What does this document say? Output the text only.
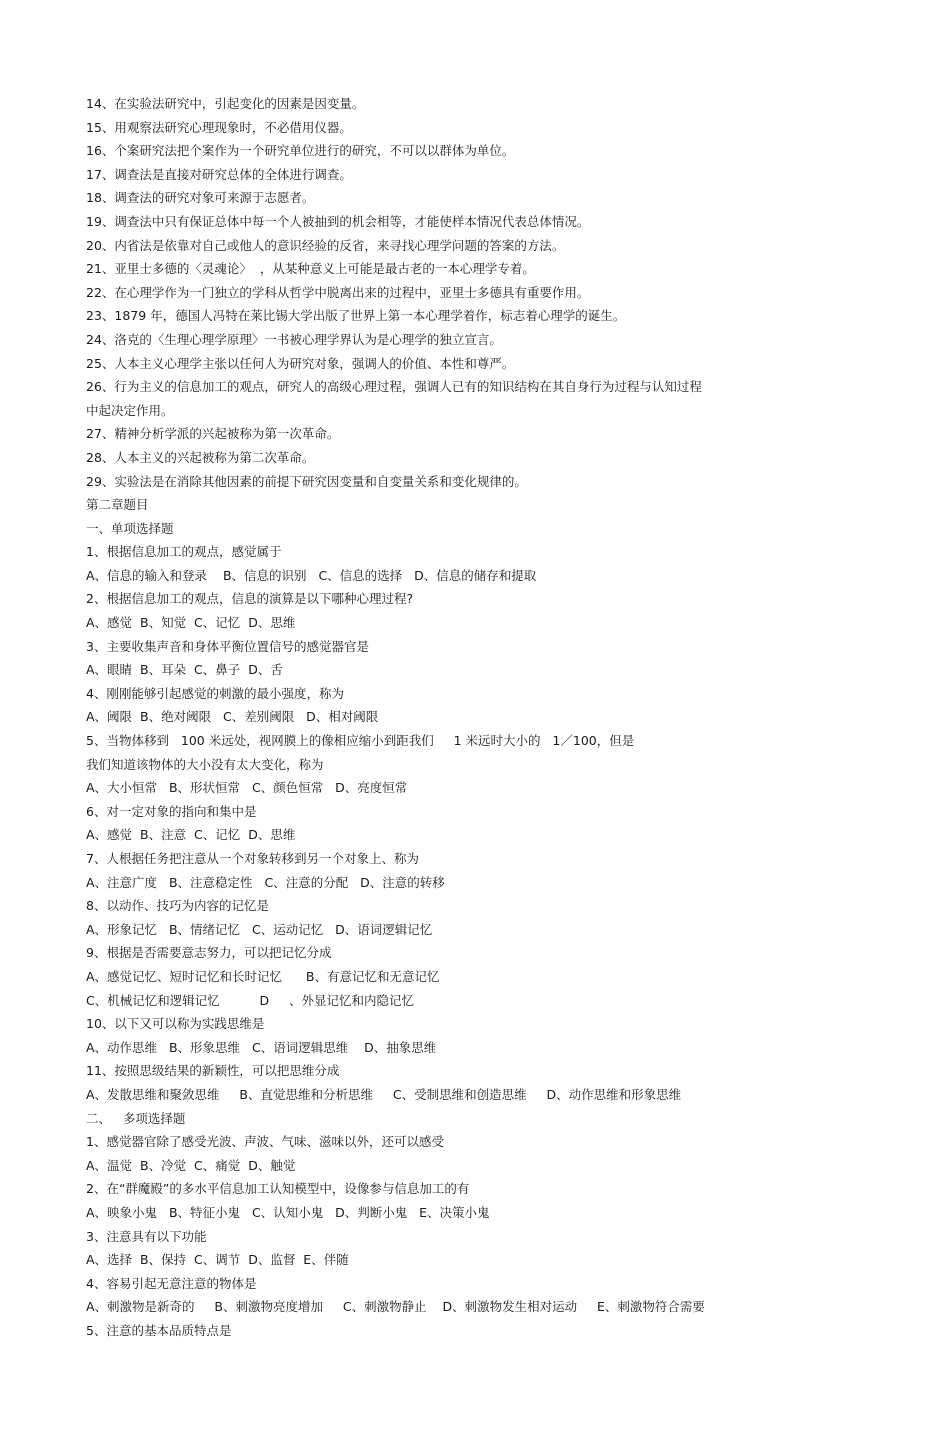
14、在实验法研究中，引起变化的因素是因变量。
15、用观察法研究心理现象时，不必借用仪器。
16、个案研究法把个案作为一个研究单位进行的研究，不可以以群体为单位。
17、调查法是直接对研究总体的全体进行调查。
18、调查法的研究对象可来源于志愿者。
19、调查法中只有保证总体中每一个人被抽到的机会相等，才能使样本情况代表总体情况。
20、内省法是依靠对自己或他人的意识经验的反省，来寻找心理学问题的答案的方法。
21、亚里士多德的〈灵魂论〉  ，从某种意义上可能是最古老的一本心理学专着。
22、在心理学作为一门独立的学科从哲学中脱离出来的过程中，亚里士多德具有重要作用。
23、1879 年，德国人冯特在莱比锡大学出版了世界上第一本心理学着作，标志着心理学的诞生。
24、洛克的〈生理心理学原理〉一书被心理学界认为是心理学的独立宣言。
25、人本主义心理学主张以任何人为研究对象，强调人的价值、本性和尊严。
26、行为主义的信息加工的观点，研究人的高级心理过程，强调人已有的知识结构在其自身行为过程与认知过程
中起决定作用。
27、精神分析学派的兴起被称为第一次革命。
28、人本主义的兴起被称为第二次革命。
29、实验法是在消除其他因素的前提下研究因变量和自变量关系和变化规律的。
第二章题目
一、单项选择题
1、根据信息加工的观点，感觉属于
A、信息的输入和登录    B、信息的识别   C、信息的选择   D、信息的储存和提取
2、根据信息加工的观点，信息的演算是以下哪种心理过程?
A、感觉  B、知觉  C、记忆  D、思维
3、主要收集声音和身体平衡位置信号的感觉器官是
A、眼睛  B、耳朵  C、鼻子  D、舌
4、刚刚能够引起感觉的刺激的最小强度，称为
A、阈限  B、绝对阈限   C、差别阈限   D、相对阈限
5、当物体移到   100 米远处，视网膜上的像相应缩小到距我们     1 米远时大小的   1／100，但是
我们知道该物体的大小没有太大变化，称为
A、大小恒常   B、形状恒常   C、颜色恒常   D、亮度恒常
6、对一定对象的指向和集中是
A、感觉  B、注意  C、记忆  D、思维
7、人根据任务把注意从一个对象转移到另一个对象上、称为
A、注意广度   B、注意稳定性   C、注意的分配   D、注意的转移
8、以动作、技巧为内容的记忆是
A、形象记忆   B、情绪记忆   C、运动记忆   D、语词逻辑记忆
9、根据是否需要意志努力，可以把记忆分成
A、感觉记忆、短时记忆和长时记忆      B、有意记忆和无意记忆
C、机械记忆和逻辑记忆          D     、外显记忆和内隐记忆
10、以下又可以称为实践思维是
A、动作思维   B、形象思维   C、语词逻辑思维    D、抽象思维
11、按照思级结果的新颖性，可以把思维分成
A、发散思维和聚敛思维     B、直觉思维和分析思维     C、受制思维和创造思维     D、动作思维和形象思维
二、   多项选择题
1、感觉器官除了感受光波、声波、气味、滋味以外，还可以感受
A、温觉  B、冷觉  C、痛觉  D、触觉
2、在“群魔殿”的多水平信息加工认知模型中，设像参与信息加工的有
A、映象小鬼   B、特征小鬼   C、认知小鬼   D、判断小鬼   E、决策小鬼
3、注意具有以下功能
A、选择  B、保持  C、调节  D、监督  E、伴随
4、容易引起无意注意的物体是
A、刺激物是新奇的     B、刺激物亮度增加     C、刺激物静止    D、刺激物发生相对运动     E、刺激物符合需要
5、注意的基本品质特点是
